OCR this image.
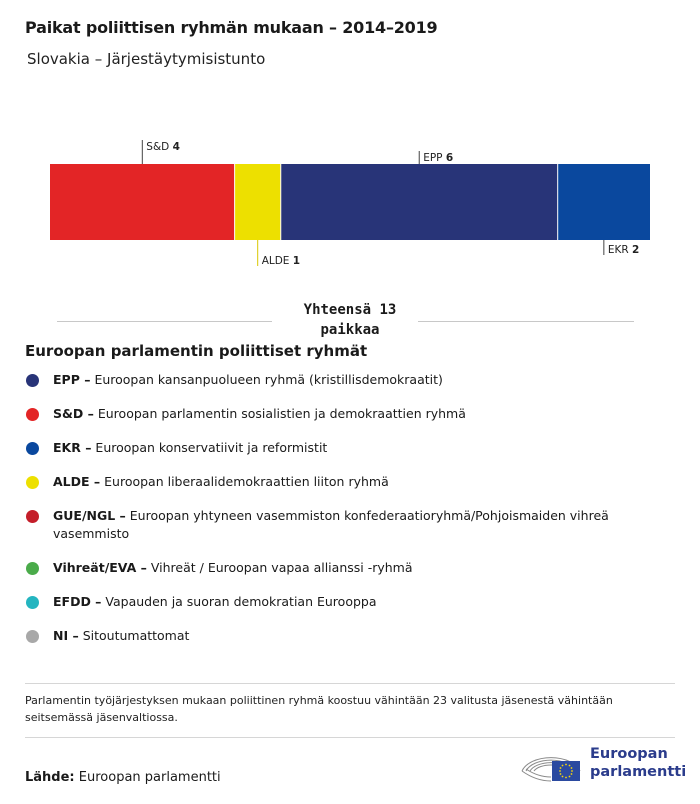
Paikat poliittisen ryhmän mukaan – 2014–2019
Slovakia – Järjestäytymisistunto
S&D 4
ALDE 1
EPP 6
EKR 2
Yhteensä 13 paikkaa
Euroopan parlamentin poliittiset ryhmät
EPP – Euroopan kansanpuolueen ryhmä (kristillisdemokraatit)
S&D – Euroopan parlamentin sosialistien ja demokraattien ryhmä
EKR – Euroopan konservatiivit ja reformistit
ALDE – Euroopan liberaalidemokraattien liiton ryhmä
GUE/NGL – Euroopan yhtyneen vasemmiston konfederaatioryhmä/Pohjoismaiden vihreä vasemmisto
Vihreät/EVA – Vihreät / Euroopan vapaa allianssi -ryhmä
EFDD – Vapauden ja suoran demokratian Eurooppa
NI – Sitoutumattomat
Parlamentin työjärjestyksen mukaan poliittinen ryhmä koostuu vähintään 23 valitusta jäsenestä vähintään seitsemässä jäsenvaltiossa.
Lähde: Euroopan parlamentti
Euroopan
parlamentti
